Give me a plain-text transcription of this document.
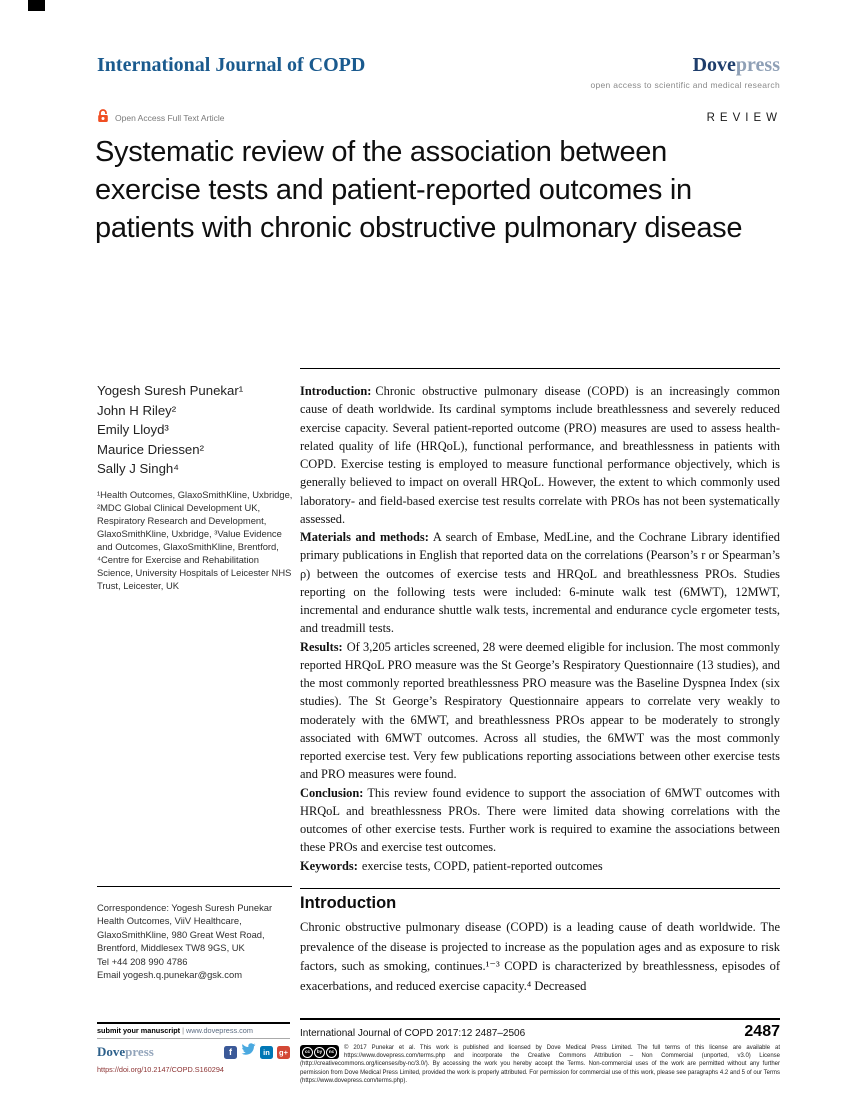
International Journal of COPD	Dovepress
open access to scientific and medical research
Open Access Full Text Article	REVIEW
Systematic review of the association between exercise tests and patient-reported outcomes in patients with chronic obstructive pulmonary disease
Yogesh Suresh Punekar¹
John H Riley²
Emily Lloyd³
Maurice Driessen²
Sally J Singh⁴
¹Health Outcomes, GlaxoSmithKline, Uxbridge, ²MDC Global Clinical Development UK, Respiratory Research and Development, GlaxoSmithKline, Uxbridge, ³Value Evidence and Outcomes, GlaxoSmithKline, Brentford, ⁴Centre for Exercise and Rehabilitation Science, University Hospitals of Leicester NHS Trust, Leicester, UK
Correspondence: Yogesh Suresh Punekar
Health Outcomes, ViiV Healthcare, GlaxoSmithKline, 980 Great West Road, Brentford, Middlesex TW8 9GS, UK
Tel +44 208 990 4786
Email yogesh.q.punekar@gsk.com

Introduction: Chronic obstructive pulmonary disease (COPD) is an increasingly common cause of death worldwide. Its cardinal symptoms include breathlessness and severely reduced exercise capacity. Several patient-reported outcome (PRO) measures are used to assess health-related quality of life (HRQoL), functional performance, and breathlessness in patients with COPD. Exercise testing is employed to measure functional performance objectively, which is generally believed to impact on overall HRQoL. However, the extent to which commonly used laboratory- and field-based exercise test results correlate with PROs has not been systematically assessed.

Materials and methods: A search of Embase, MedLine, and the Cochrane Library identified primary publications in English that reported data on the correlations (Pearson’s r or Spearman’s ρ) between the outcomes of exercise tests and HRQoL and breathlessness PROs. Studies reporting on the following tests were included: 6-minute walk test (6MWT), 12MWT, incremental and endurance shuttle walk tests, incremental and endurance cycle ergometer tests, and treadmill tests.

Results: Of 3,205 articles screened, 28 were deemed eligible for inclusion. The most commonly reported HRQoL PRO measure was the St George’s Respiratory Questionnaire (13 studies), and the most commonly reported breathlessness PRO measure was the Baseline Dyspnea Index (six studies). The St George’s Respiratory Questionnaire appears to correlate very weakly to moderately with the 6MWT, and breathlessness PROs appear to be moderately to strongly associated with 6MWT outcomes. Across all studies, the 6MWT was the most commonly reported exercise test. Very few publications reporting associations between other exercise tests and PRO measures were found.

Conclusion: This review found evidence to support the association of 6MWT outcomes with HRQoL and breathlessness PROs. There were limited data showing correlations with the outcomes of other exercise tests. Further work is required to examine the associations between these PROs and exercise test outcomes.

Keywords: exercise tests, COPD, patient-reported outcomes

Introduction
Chronic obstructive pulmonary disease (COPD) is a leading cause of death worldwide. The prevalence of the disease is projected to increase as the population ages and as exposure to risk factors, such as smoking, continues.¹⁻³ COPD is characterized by breathlessness, episodes of exacerbations, and reduced exercise capacity.⁴ Decreased
submit your manuscript | www.dovepress.com
Dovepress	f	in	g+
https://doi.org/10.2147/COPD.S160294
International Journal of COPD 2017:12 2487–2506	2487
cc	by	nc
© 2017 Punekar et al. This work is published and licensed by Dove Medical Press Limited. The full terms of this license are available at https://www.dovepress.com/terms.php and incorporate the Creative Commons Attribution – Non Commercial (unported, v3.0) License (http://creativecommons.org/licenses/by-nc/3.0/). By accessing the work you hereby accept the Terms. Non-commercial uses of the work are permitted without any further permission from Dove Medical Press Limited, provided the work is properly attributed. For permission for commercial use of this work, please see paragraphs 4.2 and 5 of our Terms (https://www.dovepress.com/terms.php).
